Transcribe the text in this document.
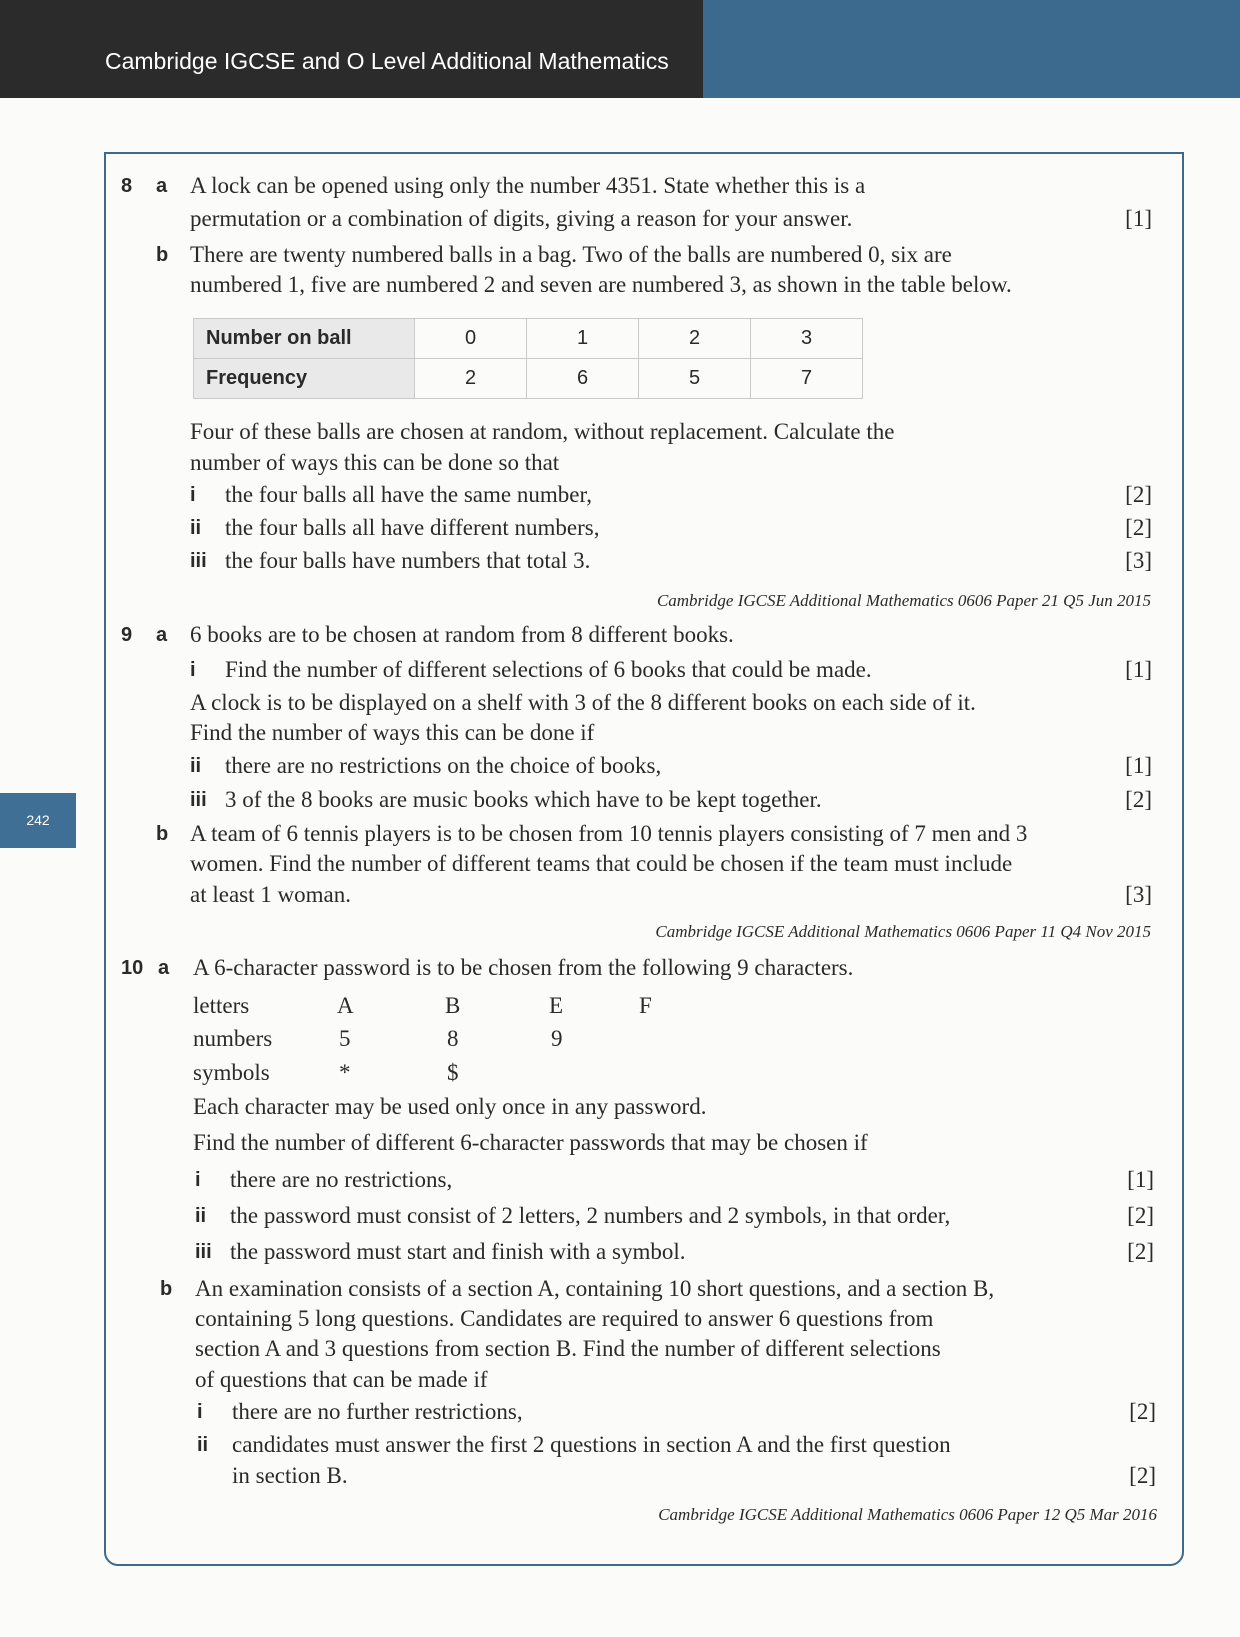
Cambridge IGCSE and O Level Additional Mathematics
242
8 a A lock can be opened using only the number 4351. State whether this is a
permutation or a combination of digits, giving a reason for your answer.	[1]
b There are twenty numbered balls in a bag. Two of the balls are numbered 0, six are
numbered 1, five are numbered 2 and seven are numbered 3, as shown in the table below.
Number on ball	0	1	2	3
Frequency	2	6	5	7
Four of these balls are chosen at random, without replacement. Calculate the
number of ways this can be done so that
i the four balls all have the same number,	[2]
ii the four balls all have different numbers,	[2]
iii the four balls have numbers that total 3.	[3]
Cambridge IGCSE Additional Mathematics 0606 Paper 21 Q5 Jun 2015
9 a 6 books are to be chosen at random from 8 different books.
i Find the number of different selections of 6 books that could be made.	[1]
A clock is to be displayed on a shelf with 3 of the 8 different books on each side of it.
Find the number of ways this can be done if
ii there are no restrictions on the choice of books,	[1]
iii 3 of the 8 books are music books which have to be kept together.	[2]
b A team of 6 tennis players is to be chosen from 10 tennis players consisting of 7 men and 3
women. Find the number of different teams that could be chosen if the team must include
at least 1 woman.	[3]
Cambridge IGCSE Additional Mathematics 0606 Paper 11 Q4 Nov 2015
10 a A 6-character password is to be chosen from the following 9 characters.
letters	A	B	E	F
numbers	5	8	9
symbols	*	$
Each character may be used only once in any password.
Find the number of different 6-character passwords that may be chosen if
i there are no restrictions,	[1]
ii the password must consist of 2 letters, 2 numbers and 2 symbols, in that order,	[2]
iii the password must start and finish with a symbol.	[2]
b An examination consists of a section A, containing 10 short questions, and a section B,
containing 5 long questions. Candidates are required to answer 6 questions from
section A and 3 questions from section B. Find the number of different selections
of questions that can be made if
i there are no further restrictions,	[2]
ii candidates must answer the first 2 questions in section A and the first question
in section B.	[2]
Cambridge IGCSE Additional Mathematics 0606 Paper 12 Q5 Mar 2016
